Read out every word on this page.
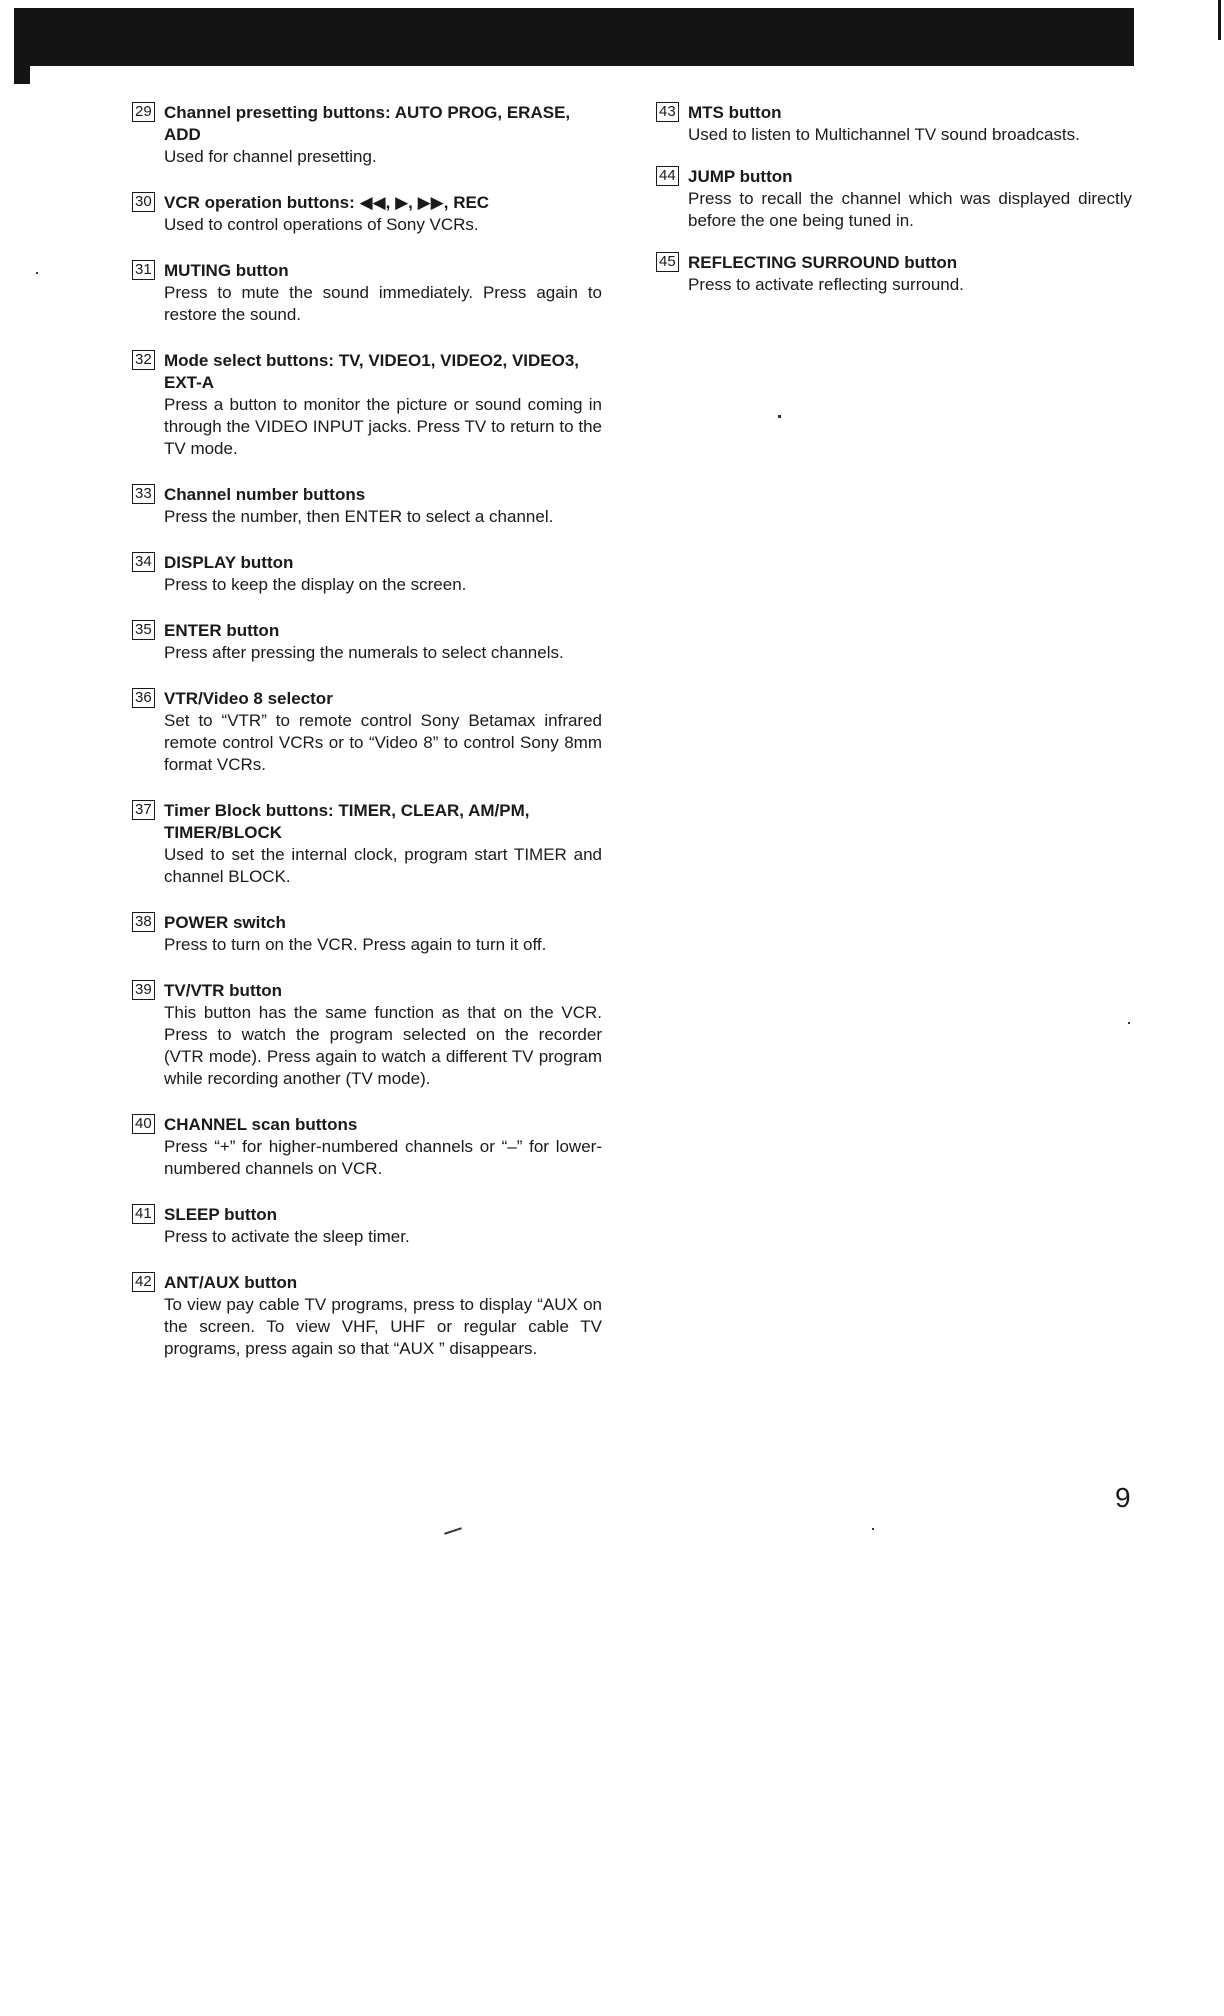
29 Channel presetting buttons: AUTO PROG, ERASE, ADD
Used for channel presetting.
30 VCR operation buttons: ◀◀, ▶, ▶▶, REC
Used to control operations of Sony VCRs.
31 MUTING button
Press to mute the sound immediately. Press again to restore the sound.
32 Mode select buttons: TV, VIDEO1, VIDEO2, VIDEO3, EXT-A
Press a button to monitor the picture or sound coming in through the VIDEO INPUT jacks. Press TV to return to the TV mode.
33 Channel number buttons
Press the number, then ENTER to select a channel.
34 DISPLAY button
Press to keep the display on the screen.
35 ENTER button
Press after pressing the numerals to select channels.
36 VTR/Video 8 selector
Set to “VTR” to remote control Sony Betamax infrared remote control VCRs or to “Video 8” to control Sony 8mm format VCRs.
37 Timer Block buttons: TIMER, CLEAR, AM/PM, TIMER/BLOCK
Used to set the internal clock, program start TIMER and channel BLOCK.
38 POWER switch
Press to turn on the VCR. Press again to turn it off.
39 TV/VTR button
This button has the same function as that on the VCR. Press to watch the program selected on the recorder (VTR mode). Press again to watch a different TV program while recording another (TV mode).
40 CHANNEL scan buttons
Press “+” for higher-numbered channels or “–” for lower-numbered channels on VCR.
41 SLEEP button
Press to activate the sleep timer.
42 ANT/AUX button
To view pay cable TV programs, press to display “AUX on the screen. To view VHF, UHF or regular cable TV programs, press again so that “AUX ” disappears.
43 MTS button
Used to listen to Multichannel TV sound broadcasts.
44 JUMP button
Press to recall the channel which was displayed directly before the one being tuned in.
45 REFLECTING SURROUND button
Press to activate reflecting surround.
9
